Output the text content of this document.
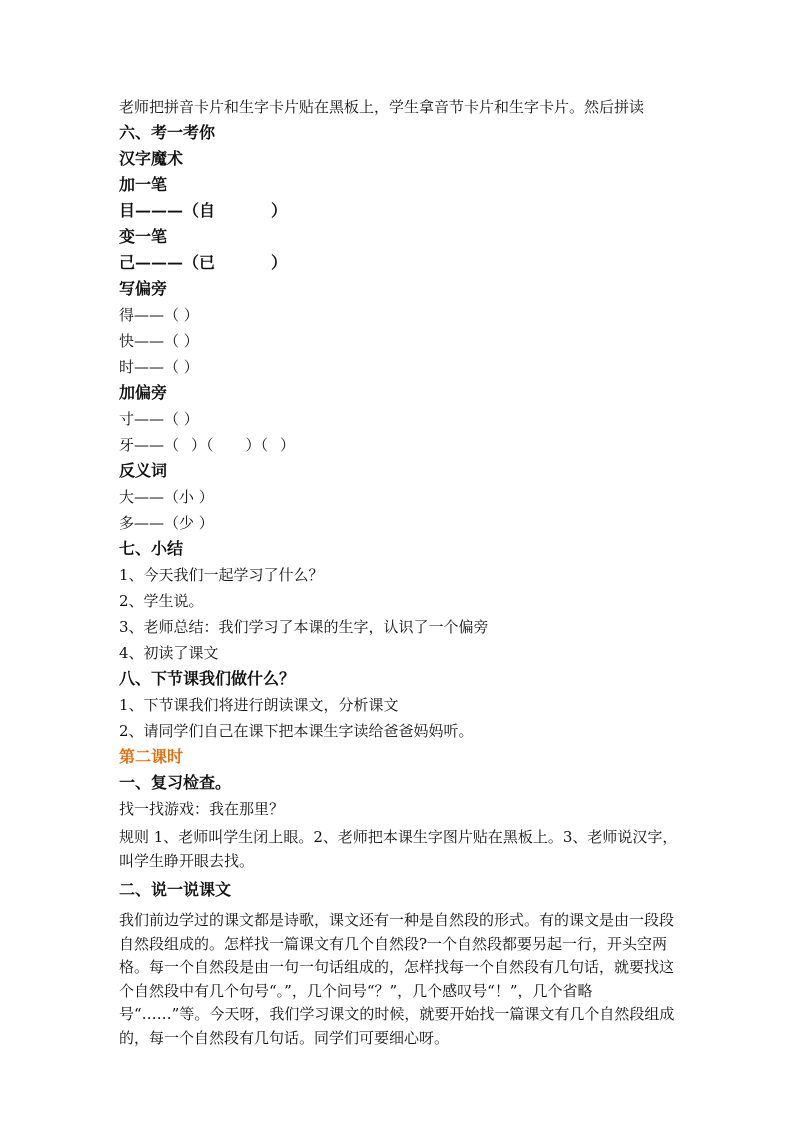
老师把拼音卡片和生字卡片贴在黑板上，学生拿音节卡片和生字卡片。然后拼读
六、考一考你
汉字魔术
加一笔
目———（自	）
变一笔
己———（已	）
写偏旁
得——（ ）
快——（ ）
时——（ ）
加偏旁
寸——（ ）
牙——（ ）（ ）（ ）
反义词
大——（小 ）
多——（少 ）
七、小结
1、今天我们一起学习了什么？
2、学生说。
3、老师总结：我们学习了本课的生字，认识了一个偏旁
4、初读了课文
八、下节课我们做什么？
1、下节课我们将进行朗读课文，分析课文
2、请同学们自己在课下把本课生字读给爸爸妈妈听。
第二课时
一、复习检查。
找一找游戏：我在那里？
规则 1、老师叫学生闭上眼。2、老师把本课生字图片贴在黑板上。3、老师说汉字，叫学生睁开眼去找。
二、说一说课文
我们前边学过的课文都是诗歌，课文还有一种是自然段的形式。有的课文是由一段段自然段组成的。怎样找一篇课文有几个自然段?一个自然段都要另起一行，开头空两格。每一个自然段是由一句一句话组成的，怎样找每一个自然段有几句话，就要找这个自然段中有几个句号“。”，几个问号“？”，几个感叹号“！”，几个省略号“……”等。今天呀，我们学习课文的时候，就要开始找一篇课文有几个自然段组成的，每一个自然段有几句话。同学们可要细心呀。
